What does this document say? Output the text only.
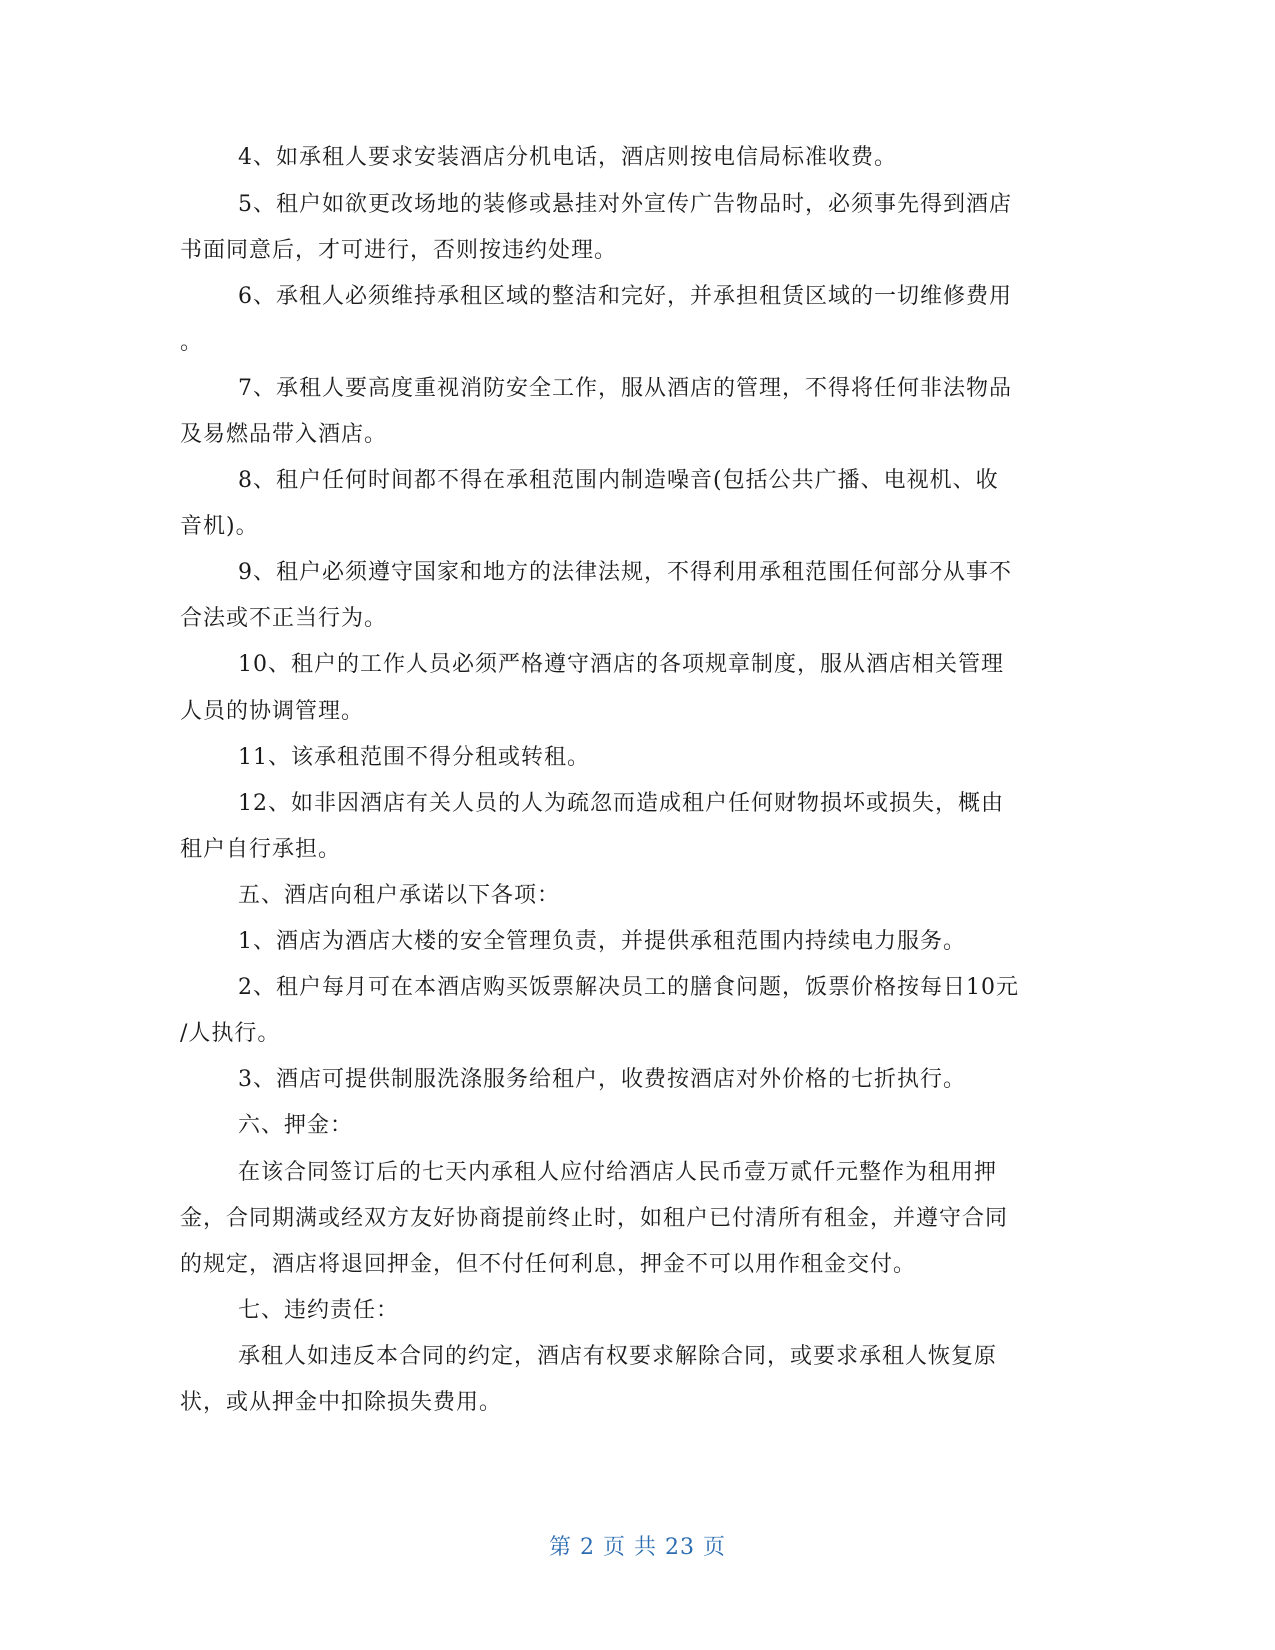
4、如承租人要求安装酒店分机电话，酒店则按电信局标准收费。
5、租户如欲更改场地的装修或悬挂对外宣传广告物品时，必须事先得到酒店
书面同意后，才可进行，否则按违约处理。
6、承租人必须维持承租区域的整洁和完好，并承担租赁区域的一切维修费用
。
7、承租人要高度重视消防安全工作，服从酒店的管理，不得将任何非法物品
及易燃品带入酒店。
8、租户任何时间都不得在承租范围内制造噪音(包括公共广播、电视机、收
音机)。
9、租户必须遵守国家和地方的法律法规，不得利用承租范围任何部分从事不
合法或不正当行为。
10、租户的工作人员必须严格遵守酒店的各项规章制度，服从酒店相关管理
人员的协调管理。
11、该承租范围不得分租或转租。
12、如非因酒店有关人员的人为疏忽而造成租户任何财物损坏或损失，概由
租户自行承担。
五、酒店向租户承诺以下各项：
1、酒店为酒店大楼的安全管理负责，并提供承租范围内持续电力服务。
2、租户每月可在本酒店购买饭票解决员工的膳食问题，饭票价格按每日10元
/人执行。
3、酒店可提供制服洗涤服务给租户，收费按酒店对外价格的七折执行。
六、押金：
在该合同签订后的七天内承租人应付给酒店人民币壹万贰仟元整作为租用押
金，合同期满或经双方友好协商提前终止时，如租户已付清所有租金，并遵守合同
的规定，酒店将退回押金，但不付任何利息，押金不可以用作租金交付。
七、违约责任：
承租人如违反本合同的约定，酒店有权要求解除合同，或要求承租人恢复原
状，或从押金中扣除损失费用。
第 2 页 共 23 页
